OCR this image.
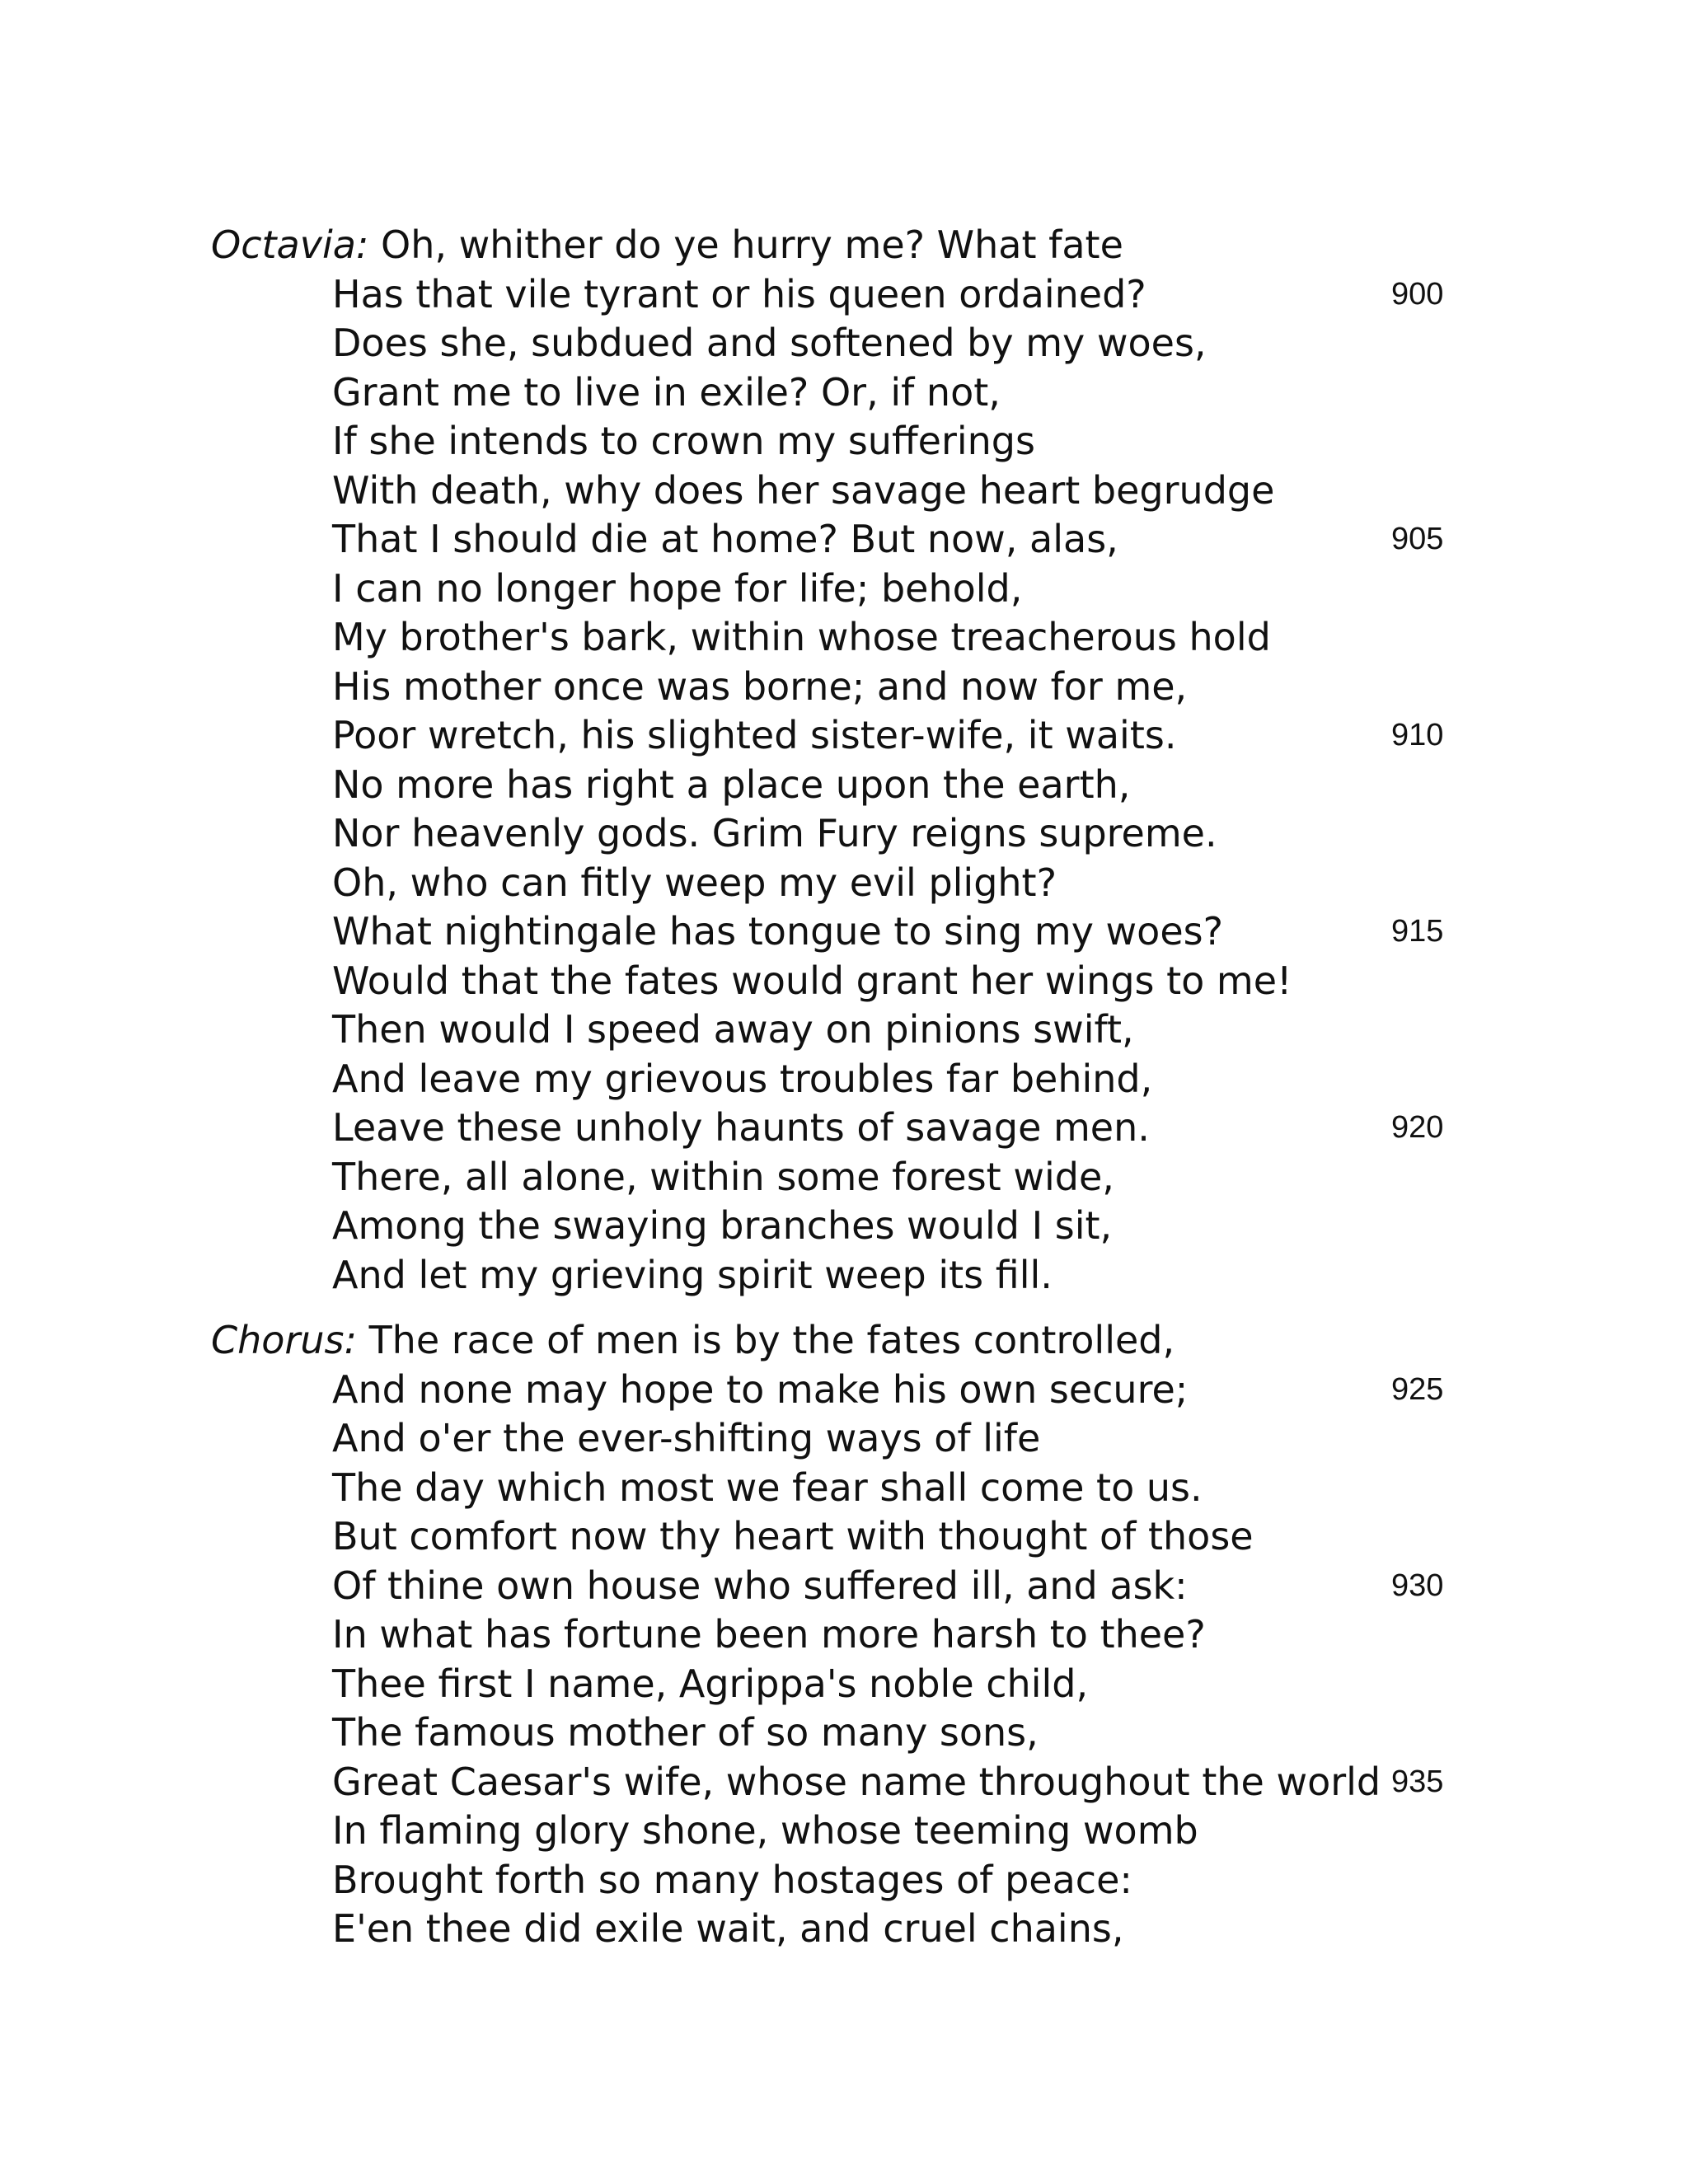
Octavia: Oh, whither do ye hurry me? What fate
Has that vile tyrant or his queen ordained?	900
Does she, subdued and softened by my woes,
Grant me to live in exile? Or, if not,
If she intends to crown my sufferings
With death, why does her savage heart begrudge
That I should die at home? But now, alas,	905
I can no longer hope for life; behold,
My brother's bark, within whose treacherous hold
His mother once was borne; and now for me,
Poor wretch, his slighted sister-wife, it waits.	910
No more has right a place upon the earth,
Nor heavenly gods. Grim Fury reigns supreme.
Oh, who can fitly weep my evil plight?
What nightingale has tongue to sing my woes?	915
Would that the fates would grant her wings to me!
Then would I speed away on pinions swift,
And leave my grievous troubles far behind,
Leave these unholy haunts of savage men.	920
There, all alone, within some forest wide,
Among the swaying branches would I sit,
And let my grieving spirit weep its fill.
Chorus: The race of men is by the fates controlled,
And none may hope to make his own secure;	925
And o'er the ever-shifting ways of life
The day which most we fear shall come to us.
But comfort now thy heart with thought of those
Of thine own house who suffered ill, and ask:	930
In what has fortune been more harsh to thee?
Thee first I name, Agrippa's noble child,
The famous mother of so many sons,
Great Caesar's wife, whose name throughout the world 935
In flaming glory shone, whose teeming womb
Brought forth so many hostages of peace:
E'en thee did exile wait, and cruel chains,
